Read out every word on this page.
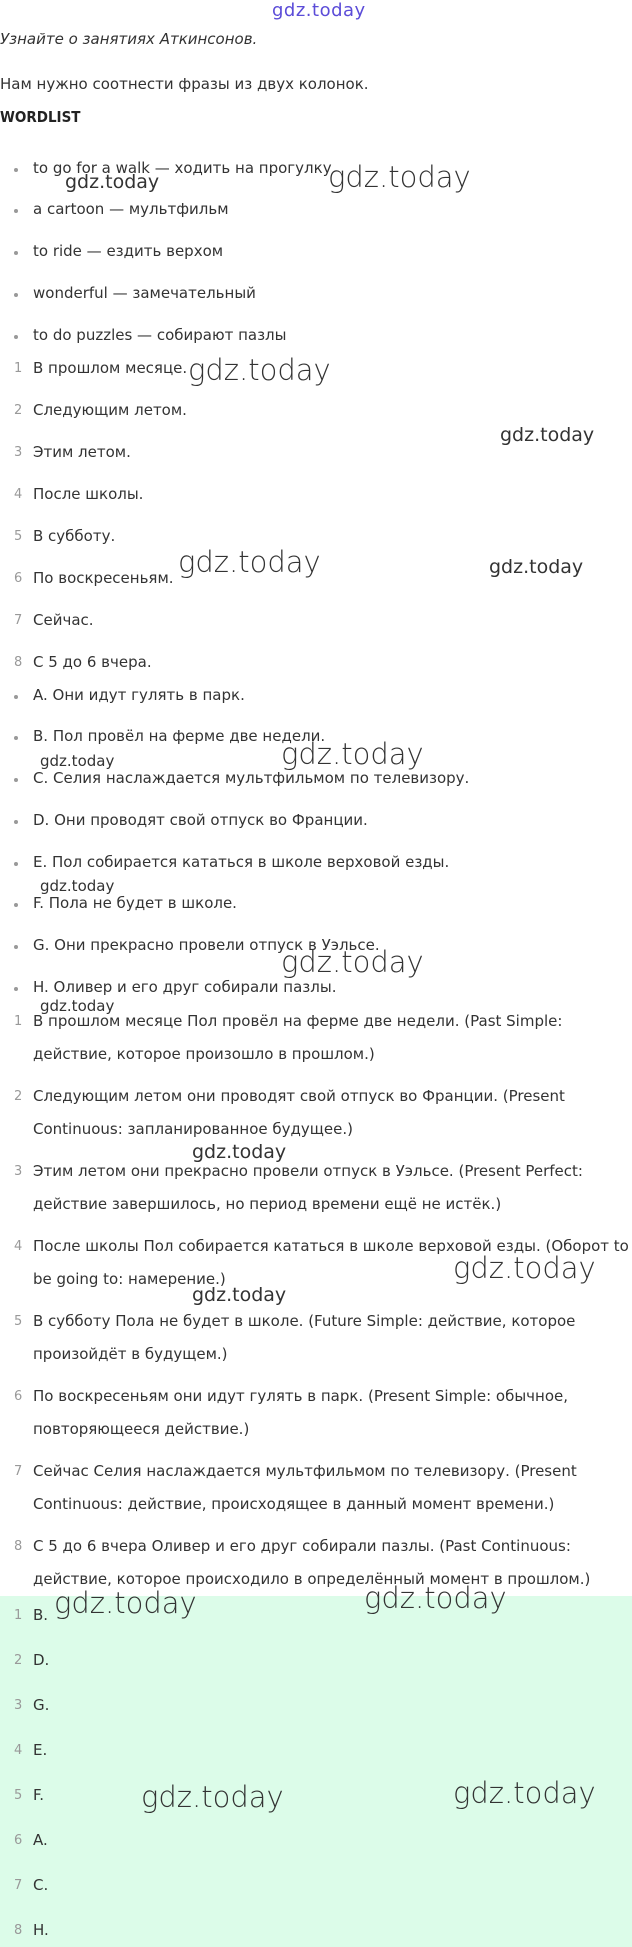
gdz.today
Узнайте о занятиях Аткинсонов.
Нам нужно соотнести фразы из двух колонок.
WORDLIST
to go for a walk — ходить на прогулку
a cartoon — мультфильм
to ride — ездить верхом
wonderful — замечательный
to do puzzles — собирают пазлы
1 В прошлом месяце.
2 Следующим летом.
3 Этим летом.
4 После школы.
5 В субботу.
6 По воскресеньям.
7 Сейчас.
8 С 5 до 6 вчера.
A. Они идут гулять в парк.
B. Пол провёл на ферме две недели.
C. Селия наслаждается мультфильмом по телевизору.
D. Они проводят свой отпуск во Франции.
E. Пол собирается кататься в школе верховой езды.
F. Пола не будет в школе.
G. Они прекрасно провели отпуск в Уэльсе.
H. Оливер и его друг собирали пазлы.
1 В прошлом месяце Пол провёл на ферме две недели. (Past Simple: действие, которое произошло в прошлом.)
2 Следующим летом они проводят свой отпуск во Франции. (Present Continuous: запланированное будущее.)
3 Этим летом они прекрасно провели отпуск в Уэльсе. (Present Perfect: действие завершилось, но период времени ещё не истёк.)
4 После школы Пол собирается кататься в школе верховой езды. (Оборот to be going to: намерение.)
5 В субботу Пола не будет в школе. (Future Simple: действие, которое произойдёт в будущем.)
6 По воскресеньям они идут гулять в парк. (Present Simple: обычное, повторяющееся действие.)
7 Сейчас Селия наслаждается мультфильмом по телевизору. (Present Continuous: действие, происходящее в данный момент времени.)
8 С 5 до 6 вчера Оливер и его друг собирали пазлы. (Past Continuous: действие, которое происходило в определённый момент в прошлом.)
1 B.
2 D.
3 G.
4 E.
5 F.
6 A.
7 C.
8 H.
gdz.today	gdz.today
gdz.today
gdz.today
gdz.today	gdz.today
gdz.today	gdz.today
gdz.today
gdz.today
gdz.today
gdz.today
gdz.today
gdz.today
gdz.today	gdz.today
gdz.today	gdz.today
